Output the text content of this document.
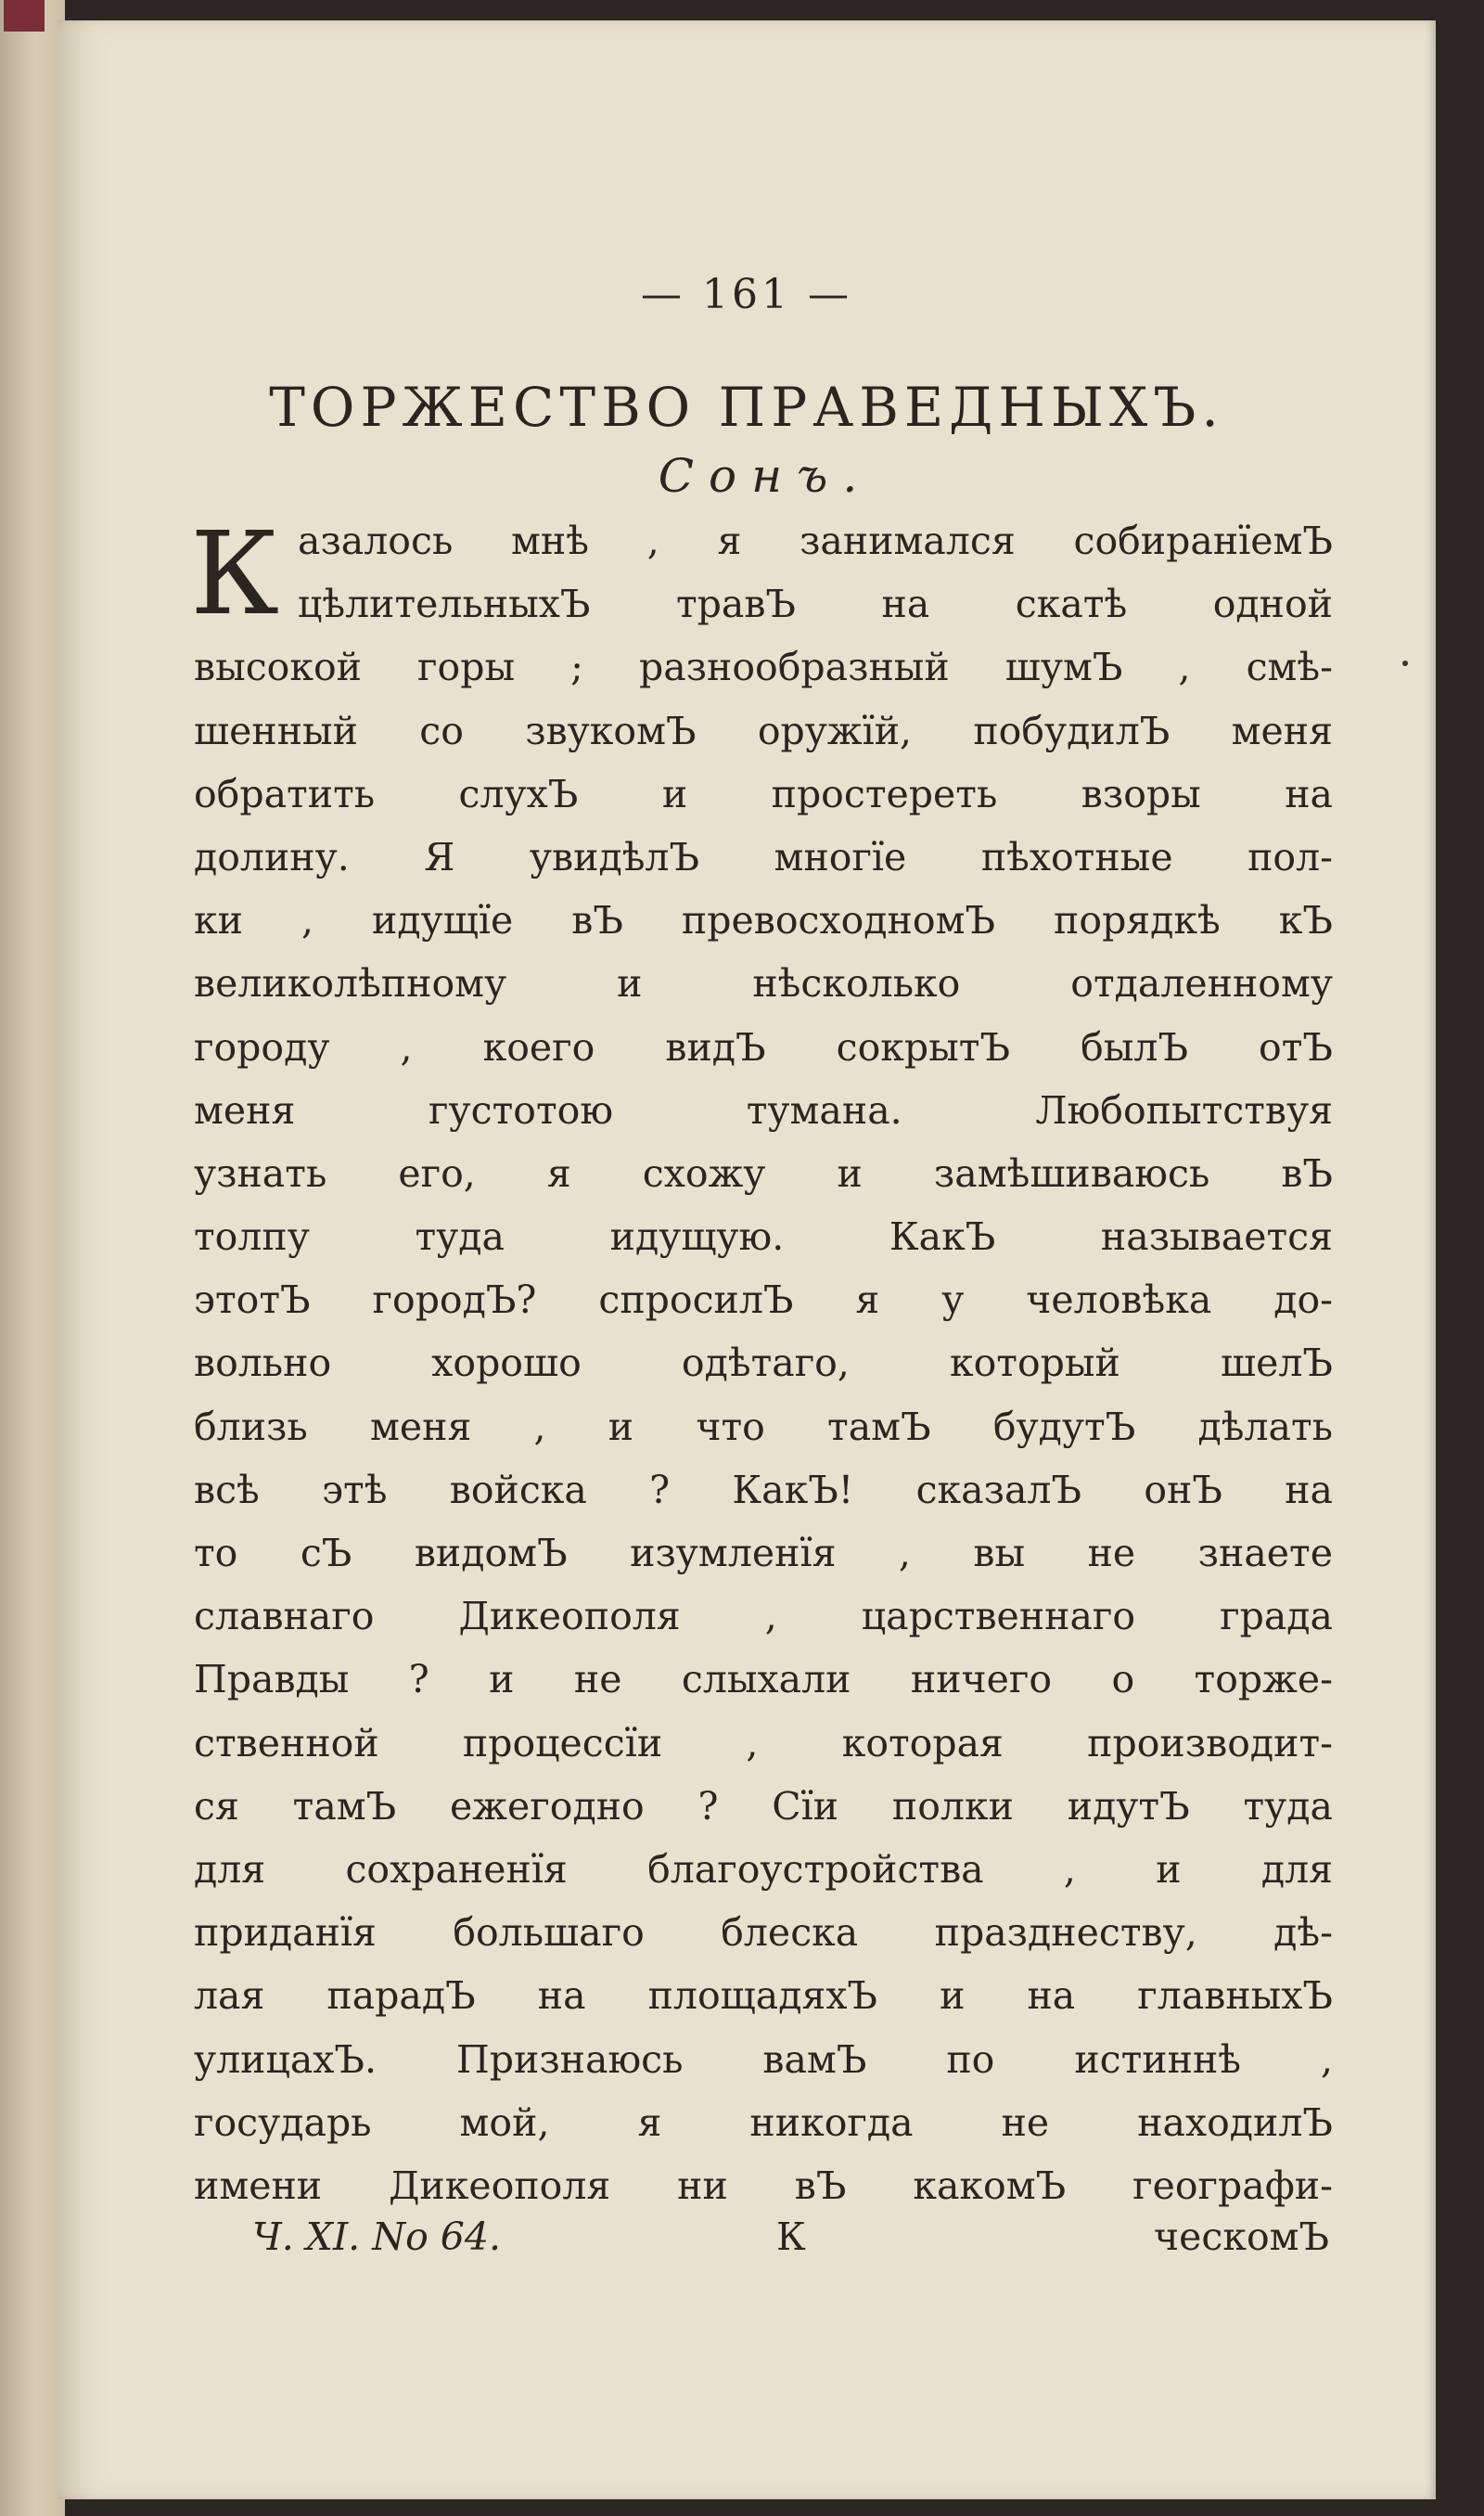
— 161 —
ТОРЖЕСТВО ПРАВЕДНЫХЪ.
Сонъ.
К азалось мнѣ , я занимался собиранїемЪ
цѣлительныхЪ травЪ на скатѣ одной
высокой горы ; разнообразный шумЪ , смѣ-
шенный со звукомЪ оружїй, побудилЪ меня
обратить слухЪ и простереть взоры на
долину. Я увидѣлЪ многїе пѣхотные пол-
ки , идущїе вЪ превосходномЪ порядкѣ кЪ
великолѣпному и нѣсколько отдаленному
городу , коего видЪ сокрытЪ былЪ отЪ
меня густотою тумана. Любопытствуя
узнать его, я схожу и замѣшиваюсь вЪ
толпу туда идущую. КакЪ называется
этотЪ городЪ? спросилЪ я у человѣка до-
вольно хорошо одѣтаго, который шелЪ
близь меня , и что тамЪ будутЪ дѣлать
всѣ этѣ войска ? КакЪ! сказалЪ онЪ на
то сЪ видомЪ изумленїя , вы не знаете
славнаго Дикеополя , царственнаго града
Правды ? и не слыхали ничего о торже-
ственной процессїи , которая производит-
ся тамЪ ежегодно ? Сїи полки идутЪ туда
для сохраненїя благоустройства , и для
приданїя большаго блеска празднеству, дѣ-
лая парадЪ на площадяхЪ и на главныхЪ
улицахЪ. Признаюсь вамЪ по истиннѣ ,
государь мой, я никогда не находилЪ
имени Дикеополя ни вЪ какомЪ географи-
Ч. XI. No 64.	К	ческомЪ
